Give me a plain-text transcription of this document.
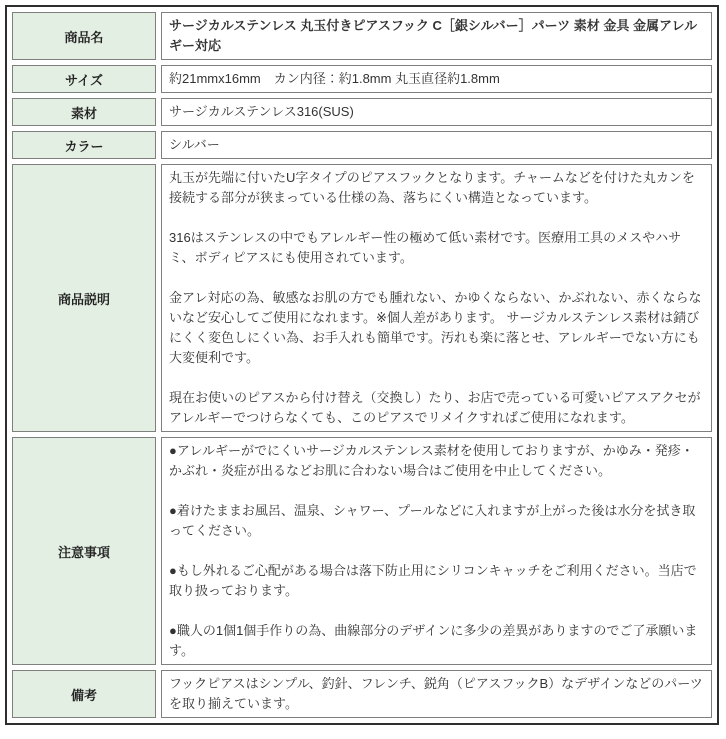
商品名	サージカルステンレス 丸玉付きピアスフック C［銀シルバー］パーツ 素材 金具 金属アレルギー対応

サイズ	約21mmx16mm　カン内径：約1.8mm 丸玉直径約1.8mm

素材	サージカルステンレス316(SUS)

カラー	シルバー

商品説明	丸玉が先端に付いたU字タイプのピアスフックとなります。チャームなどを付けた丸カンを接続する部分が狭まっている仕様の為、落ちにくい構造となっています。
316はステンレスの中でもアレルギー性の極めて低い素材です。医療用工具のメスやハサミ、ボディピアスにも使用されています。
金アレ対応の為、敏感なお肌の方でも腫れない、かゆくならない、かぶれない、赤くならないなど安心してご使用になれます。※個人差があります。 サージカルステンレス素材は錆びにくく変色しにくい為、お手入れも簡単です。汚れも楽に落とせ、アレルギーでない方にも大変便利です。
現在お使いのピアスから付け替え（交換し）たり、お店で売っている可愛いピアスアクセがアレルギーでつけらなくても、このピアスでリメイクすればご使用になれます。

注意事項	●アレルギーがでにくいサージカルステンレス素材を使用しておりますが、かゆみ・発疹・かぶれ・炎症が出るなどお肌に合わない場合はご使用を中止してください。
●着けたままお風呂、温泉、シャワー、プールなどに入れますが上がった後は水分を拭き取ってください。
●もし外れるご心配がある場合は落下防止用にシリコンキャッチをご利用ください。当店で取り扱っております。
●職人の1個1個手作りの為、曲線部分のデザインに多少の差異がありますのでご了承願います。

備考	フックピアスはシンプル、釣針、フレンチ、鋭角（ピアスフックB）なデザインなどのパーツを取り揃えています。
